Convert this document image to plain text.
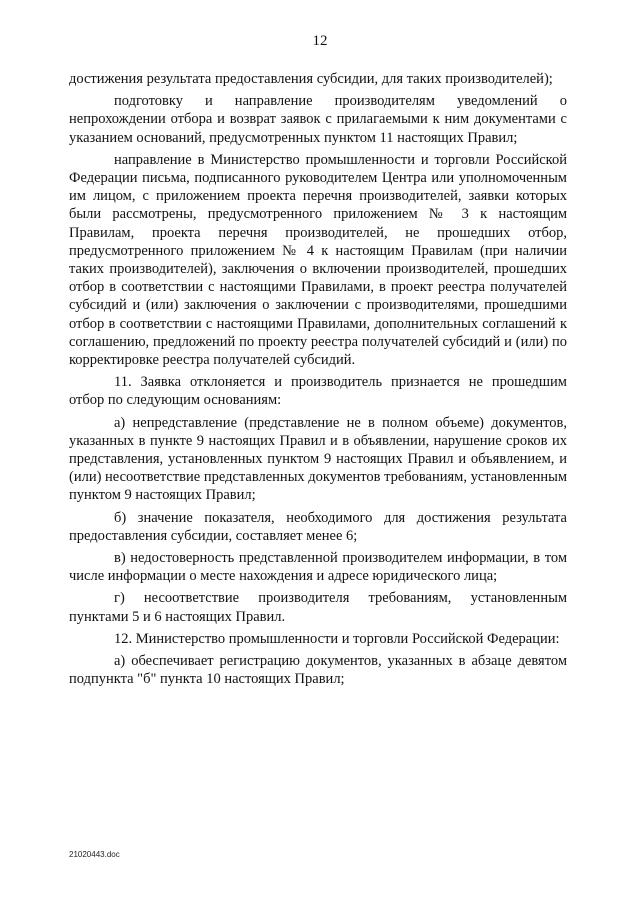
12

достижения результата предоставления субсидии, для таких производителей);

подготовку и направление производителям уведомлений о непрохождении отбора и возврат заявок с прилагаемыми к ним документами с указанием оснований, предусмотренных пунктом 11 настоящих Правил;

направление в Министерство промышленности и торговли Российской Федерации письма, подписанного руководителем Центра или уполномоченным им лицом, с приложением проекта перечня производителей, заявки которых были рассмотрены, предусмотренного приложением № 3 к настоящим Правилам, проекта перечня производителей, не прошедших отбор, предусмотренного приложением № 4 к настоящим Правилам (при наличии таких производителей), заключения о включении производителей, прошедших отбор в соответствии с настоящими Правилами, в проект реестра получателей субсидий и (или) заключения о заключении с производителями, прошедшими отбор в соответствии с настоящими Правилами, дополнительных соглашений к соглашению, предложений по проекту реестра получателей субсидий и (или) по корректировке реестра получателей субсидий.

11. Заявка отклоняется и производитель признается не прошедшим отбор по следующим основаниям:

а) непредставление (представление не в полном объеме) документов, указанных в пункте 9 настоящих Правил и в объявлении, нарушение сроков их представления, установленных пунктом 9 настоящих Правил и объявлением, и (или) несоответствие представленных документов требованиям, установленным пунктом 9 настоящих Правил;

б) значение показателя, необходимого для достижения результата предоставления субсидии, составляет менее 6;

в) недостоверность представленной производителем информации, в том числе информации о месте нахождения и адресе юридического лица;

г) несоответствие производителя требованиям, установленным пунктами 5 и 6 настоящих Правил.

12. Министерство промышленности и торговли Российской Федерации:

а) обеспечивает регистрацию документов, указанных в абзаце девятом подпункта "б" пункта 10 настоящих Правил;

21020443.doc
